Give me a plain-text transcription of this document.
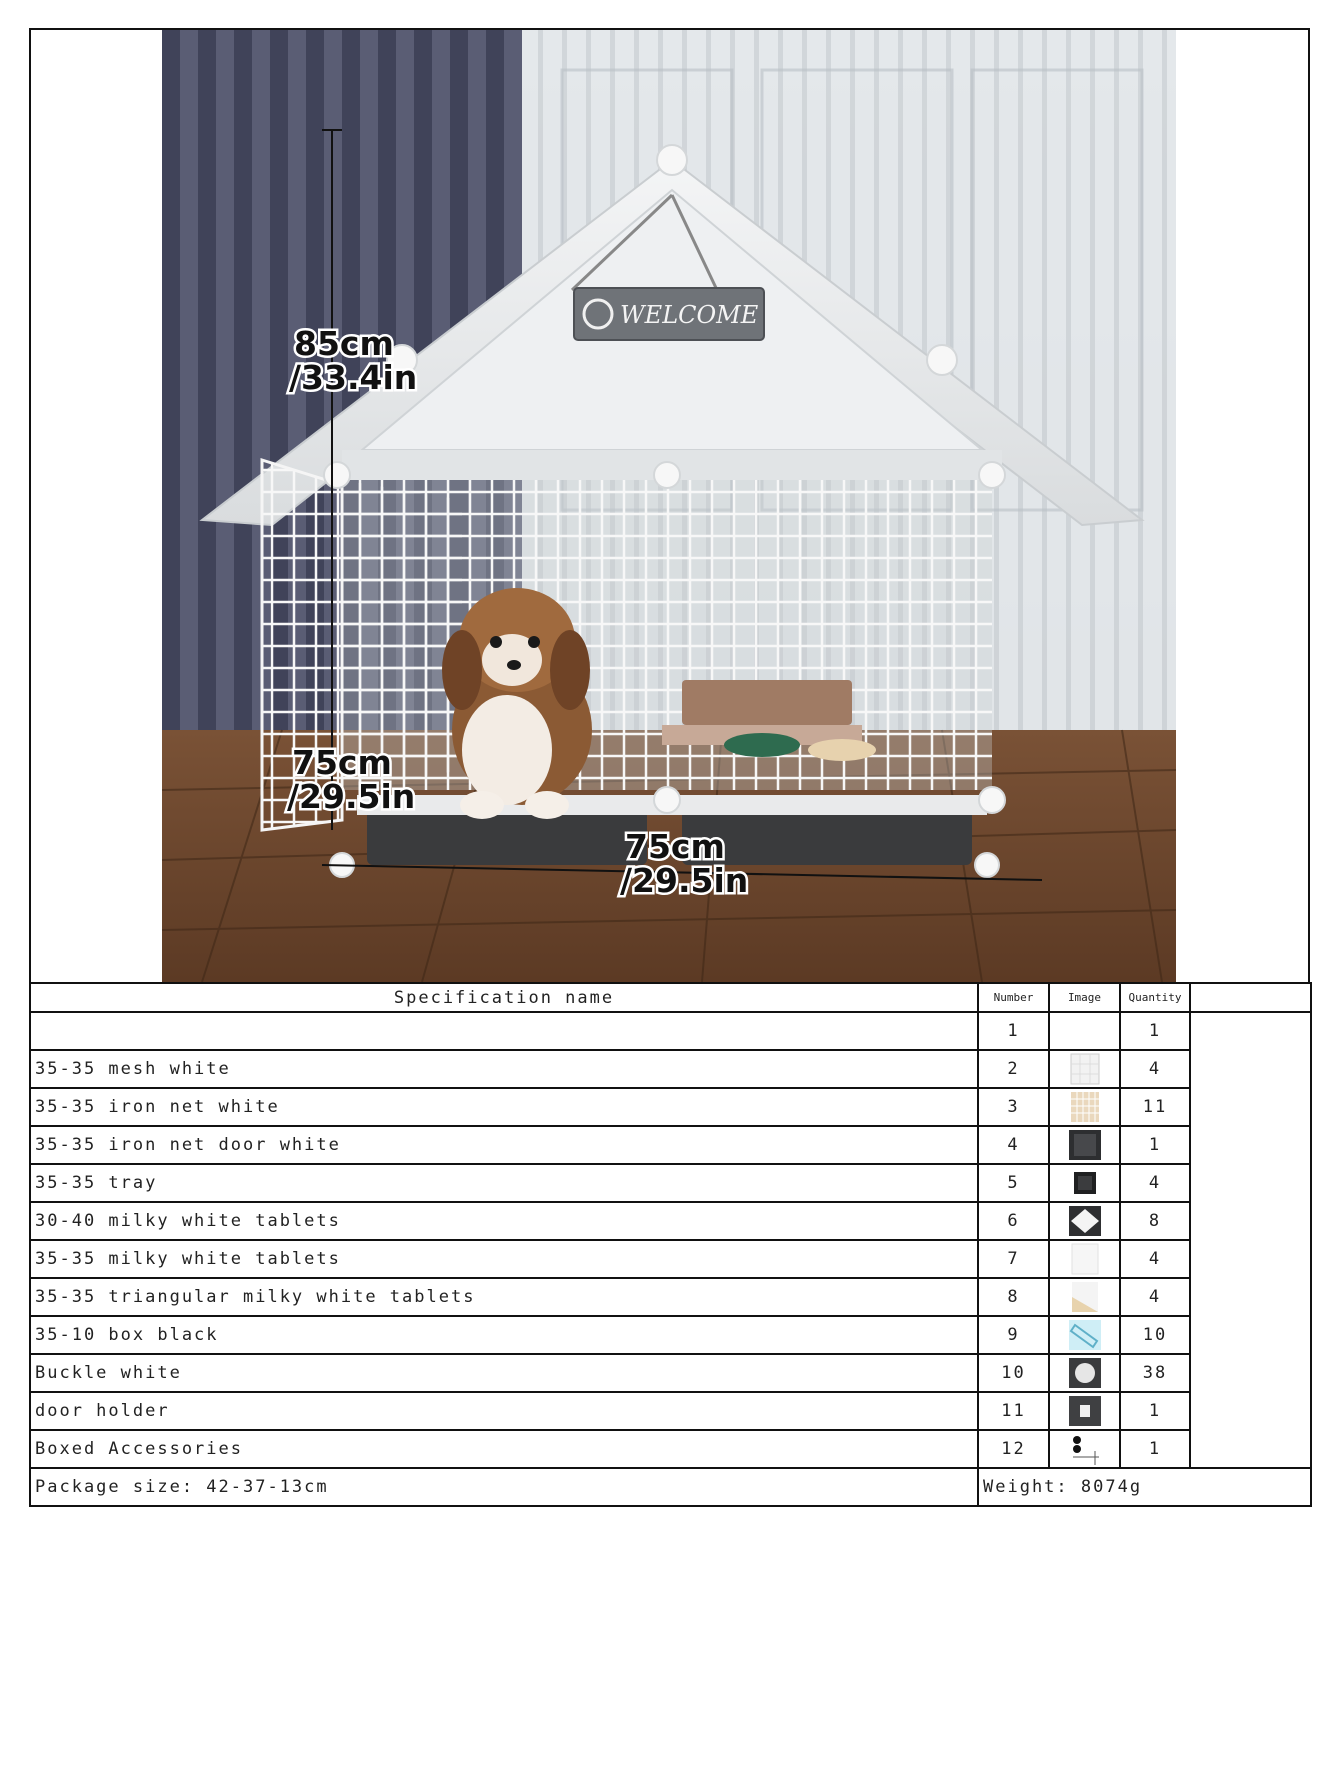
WELCOME
85cm
/33.4in
75cm
/29.5in
75cm
/29.5in
Specification name	Number	Image	Quantity	
	1		1	
35-35 mesh white	2		4	
35-35 iron net white	3		11	
35-35 iron net door white	4		1	
35-35 tray	5		4	
30-40 milky white tablets	6		8	
35-35 milky white tablets	7		4	
35-35 triangular milky white tablets	8		4	
35-10 box black	9		10	
Buckle white	10		38	
door holder	11		1	
Boxed Accessories	12		1	
Package size: 42-37-13cm	Weight: 8074g			
